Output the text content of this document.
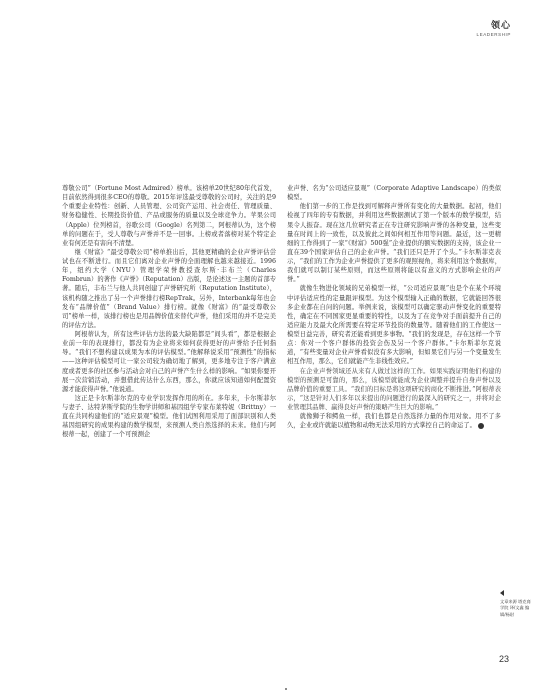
领心
LEADERSHIP

尊敬公司”（Fortune Most Admired）榜单。该榜单20世纪80年代首发，目前依然得到很多CEO的尊敬。2015年评选最受尊敬的公司时，关注的是9个重要企业特性：创新、人员管理、公司资产运用、社会责任、管理质量、财务稳健性、长期投资价值、产品或服务的质量以及全球竞争力。苹果公司（Apple）位列榜首，谷歌公司（Google）名列第二，阿根蒂认为，这个榜单的问题在于，受人尊敬与声誉并不是一回事。上榜或者落榜对某个特定企业有何还是有害向不清楚。

继《财富》“最受尊敬公司”榜单推出后，其他更精确的企业声誉评估尝试也在不断进行。而且它们离对企业声誉的全面理解也越来越接近。1996年，纽约大学（NYU）管理学荣誉教授查尔斯·丰布兰（Charles Fombrun）的著作《声誉》（Reputation）出版，是论述这一主题的首部专著。随后，丰布兰与他人共同创建了声誉研究所（Reputation Institute），该机构随之推出了另一个声誉排行榜RepTrak。另外，Interbank每年也会发布“品牌价值”（Brand Value）排行榜。就像《财富》的“最受尊敬公司”榜单一样，该排行榜也是用品牌价值来替代声誉，他们采用的并不是完美的评估方法。

阿根蒂认为，所有这些评估方法的最大缺陷都是“间头看”，都是根据企业前一年的表现排行，都没有为企业将来如何获得更好的声誉给予任何指导。“我们不想构建以成果为本的评估模型。”他解释说采用“预测性”的指标——这种评估模型可让一家公司较为确切地了解到，更多地专注于客户满意度或者更多的社区参与活动会对自己的声誉产生什么样的影响。“如果你要开展一次营销活动，并想借此传达什么东西，那么，你就应该知道如何配置资源才能获得声誉。”他说道。

这正是卡尔斯菲尔克的专业学识发挥作用的所在。多年来，卡尔斯菲尔与妻子、达特茅斯学院的生物学讲师和基因组学专家布莱特妮（Brittny）一直在共同构建他们的“适应景观”模型。他们试图利用采用了面部识别和人类基因组研究的成果构建的数学模型，来预测人类自然选择的未来。他们与阿根蒂一起，创建了一个可预测企

业声誉、名为“公司适应景观”（Corporate Adaptive Landscape）的类似模型。

他们第一步的工作是找到可解释声誉所有变化的大量数据。起初，他们检视了四年的专有数据，并利用这些数据测试了第一个版本的数学模型，结果令人振奋。现在这几位研究者正在专注研究影响声誉的各种变量，这些变量在时间上的一致性，以及彼此之间如何相互作用等问题。最近，这一更精细的工作得到了一家“《财富》500强”企业提供的额实数据的支持，该企业一直在39个国家评估自己的企业声誉。“我们还只是开了个头。”卡尔斯菲克表示，“我们的工作为企业声誉提供了更多的观照视角，将来利用这个数据库，我们就可以制订某些原则，而这些原则将能以有意义的方式影响企业的声誉。”

就像生物进化领域的兄弟模型一样，“公司适应景观”也是个在某个环境中评估适应性的定量跟评模型。为这个模型输入正确的数据，它就能回答很多企业都在自问的问题。举例来说，该模型可以确定驱动声誉变化的重要特性，确定在不同国家更显重要的特性，以及为了在竞争对手面前提升自己的适应能力及最大化所需要在特定环节投资的数量等。随着他们的工作使这一模型日益完善，研究者还能看到更多事物。“我们的发现是，存在这样一个节点：你对一个客户群体的投资会伤及另一个客户群体。”卡尔斯菲尔克说道，“有些变量对企业声誉看似没有多大影响，但如果它们与另一个变量发生相互作用，那么，它们就能产生非线性效应。”

在企业声誉领域还从来有人做过这样的工作。如果实践证明他们构建的模型的预测是可靠的，那么，该模型就能成为企业调整并提升自身声誉以及品牌价值的重要工具。“我们的目标是将这项研究的商化不断推进。”阿根蒂表示，“这是针对人们多年以来提出的问题进行的最深入的研究之一，并将对企业管理其品牌、赢得良好声誉的策略产生巨大的影响。”

就像狮子和鳄鱼一样，我们也都是自然选择力量的作用对象。用不了多久，企业或许就能以植物和动物无法采用的方式掌控自己的命运了。	英

文章来源 塔克商学院 译/文鑫 编辑/杨尉
23
